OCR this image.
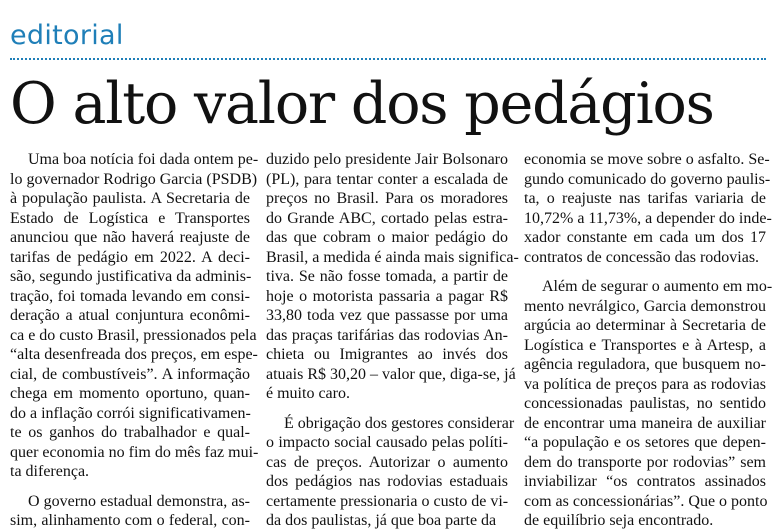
editorial
O alto valor dos pedágios
Uma boa notícia foi dada ontem pe-
lo governador Rodrigo Garcia (PSDB)
à população paulista. A Secretaria de
Estado de Logística e Transportes
anunciou que não haverá reajuste de
tarifas de pedágio em 2022. A deci-
são, segundo justificativa da adminis-
tração, foi tomada levando em consi-
deração a atual conjuntura econômi-
ca e do custo Brasil, pressionados pela
“alta desenfreada dos preços, em espe-
cial, de combustíveis”. A informação
chega em momento oportuno, quan-
do a inflação corrói significativamen-
te os ganhos do trabalhador e qual-
quer economia no fim do mês faz mui-
ta diferença.
O governo estadual demonstra, as-
sim, alinhamento com o federal, con-
duzido pelo presidente Jair Bolsonaro
(PL), para tentar conter a escalada de
preços no Brasil. Para os moradores
do Grande ABC, cortado pelas estra-
das que cobram o maior pedágio do
Brasil, a medida é ainda mais significa-
tiva. Se não fosse tomada, a partir de
hoje o motorista passaria a pagar R$
33,80 toda vez que passasse por uma
das praças tarifárias das rodovias An-
chieta ou Imigrantes ao invés dos
atuais R$ 30,20 – valor que, diga-se, já
é muito caro.
É obrigação dos gestores considerar
o impacto social causado pelas políti-
cas de preços. Autorizar o aumento
dos pedágios nas rodovias estaduais
certamente pressionaria o custo de vi-
da dos paulistas, já que boa parte da
economia se move sobre o asfalto. Se-
gundo comunicado do governo paulis-
ta, o reajuste nas tarifas variaria de
10,72% a 11,73%, a depender do inde-
xador constante em cada um dos 17
contratos de concessão das rodovias.
Além de segurar o aumento em mo-
mento nevrálgico, Garcia demonstrou
argúcia ao determinar à Secretaria de
Logística e Transportes e à Artesp, a
agência reguladora, que busquem no-
va política de preços para as rodovias
concessionadas paulistas, no sentido
de encontrar uma maneira de auxiliar
“a população e os setores que depen-
dem do transporte por rodovias” sem
inviabilizar “os contratos assinados
com as concessionárias”. Que o ponto
de equilíbrio seja encontrado.
